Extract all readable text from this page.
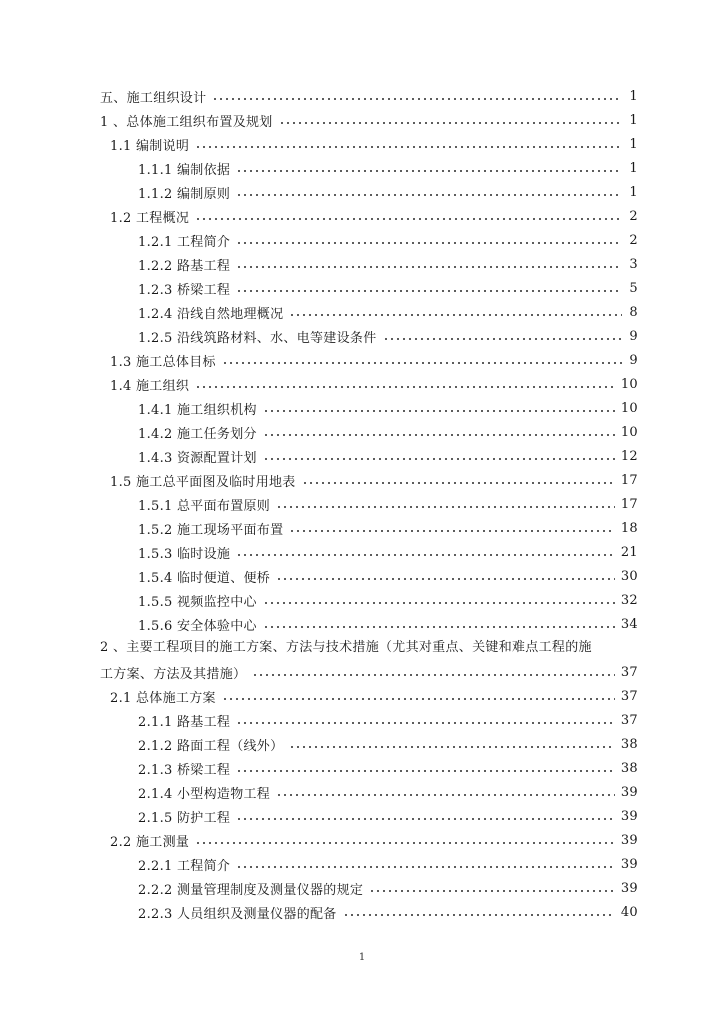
五、施工组织设计	1
1 、总体施工组织布置及规划	1
1.1 编制说明	1
1.1.1 编制依据	1
1.1.2 编制原则	1
1.2 工程概况	2
1.2.1 工程简介	2
1.2.2 路基工程	3
1.2.3 桥梁工程	5
1.2.4 沿线自然地理概况	8
1.2.5 沿线筑路材料、水、电等建设条件	9
1.3 施工总体目标	9
1.4 施工组织	10
1.4.1 施工组织机构	10
1.4.2 施工任务划分	10
1.4.3 资源配置计划	12
1.5 施工总平面图及临时用地表	17
1.5.1 总平面布置原则	17
1.5.2 施工现场平面布置	18
1.5.3 临时设施	21
1.5.4 临时便道、便桥	30
1.5.5 视频监控中心	32
1.5.6 安全体验中心	34
2 、主要工程项目的施工方案、方法与技术措施（尤其对重点、关键和难点工程的施
工方案、方法及其措施）	37
2.1 总体施工方案	37
2.1.1 路基工程	37
2.1.2 路面工程（线外）	38
2.1.3 桥梁工程	38
2.1.4 小型构造物工程	39
2.1.5 防护工程	39
2.2 施工测量	39
2.2.1 工程简介	39
2.2.2 测量管理制度及测量仪器的规定	39
2.2.3 人员组织及测量仪器的配备	40
1
